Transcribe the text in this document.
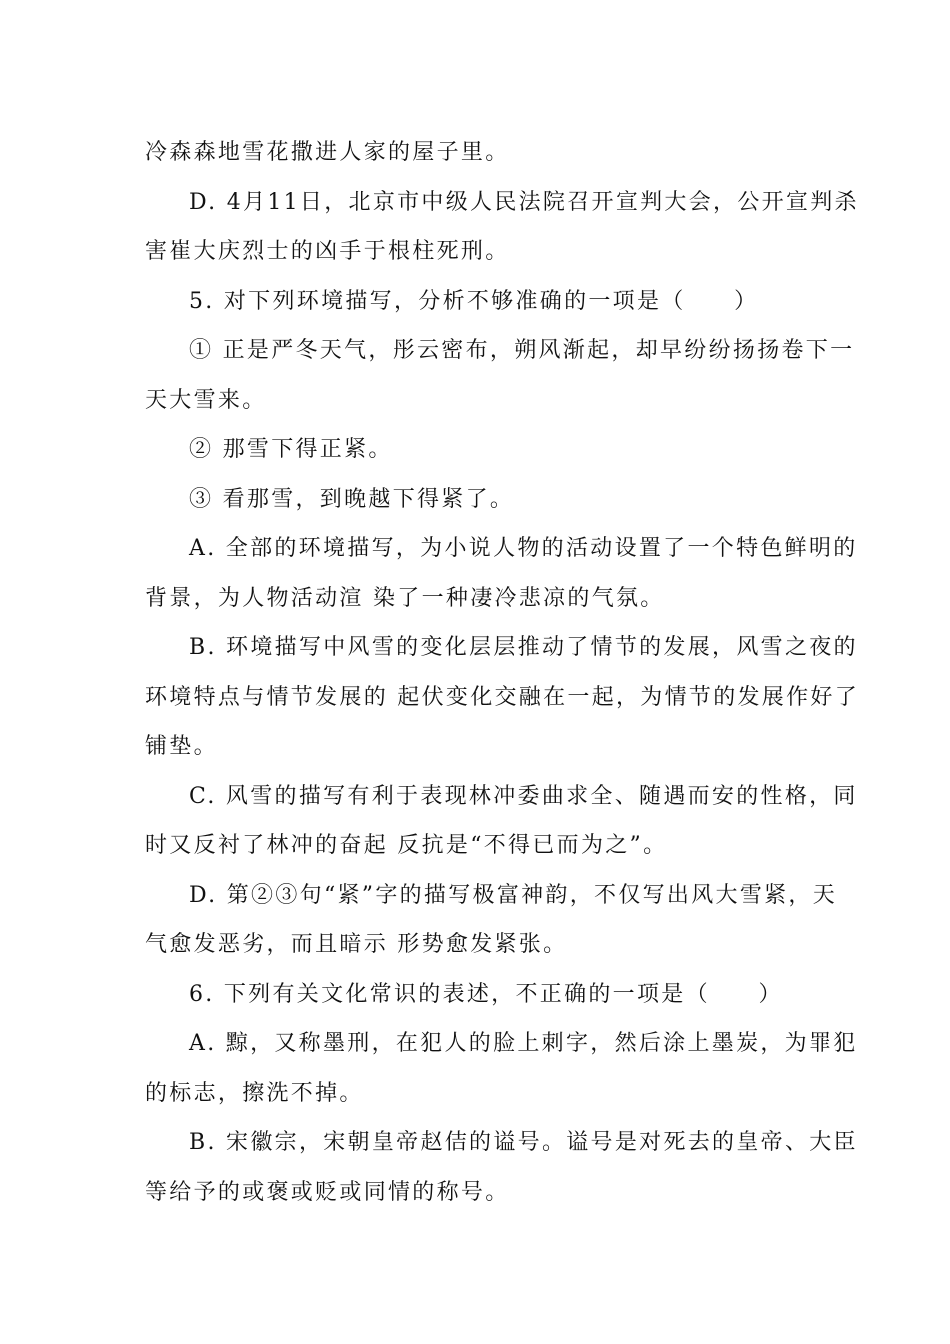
冷森森地雪花撒进人家的屋子里。
D. 4月11日，北京市中级人民法院召开宣判大会，公开宣判杀
害崔大庆烈士的凶手于根柱死刑。
5. 对下列环境描写，分析不够准确的一项是（　　）
① 正是严冬天气，彤云密布，朔风渐起，却早纷纷扬扬卷下一
天大雪来。
② 那雪下得正紧。
③ 看那雪，到晚越下得紧了。
A. 全部的环境描写，为小说人物的活动设置了一个特色鲜明的
背景，为人物活动渲 染了一种凄冷悲凉的气氛。
B. 环境描写中风雪的变化层层推动了情节的发展，风雪之夜的
环境特点与情节发展的 起伏变化交融在一起，为情节的发展作好了
铺垫。
C. 风雪的描写有利于表现林冲委曲求全、随遇而安的性格，同
时又反衬了林冲的奋起 反抗是“不得已而为之”。
D. 第②③句“紧”字的描写极富神韵，不仅写出风大雪紧，天
气愈发恶劣，而且暗示 形势愈发紧张。
6. 下列有关文化常识的表述，不正确的一项是（　　）
A. 黥，又称墨刑，在犯人的脸上刺字，然后涂上墨炭，为罪犯
的标志，擦洗不掉。
B. 宋徽宗，宋朝皇帝赵佶的谥号。谥号是对死去的皇帝、大臣
等给予的或褒或贬或同情的称号。
